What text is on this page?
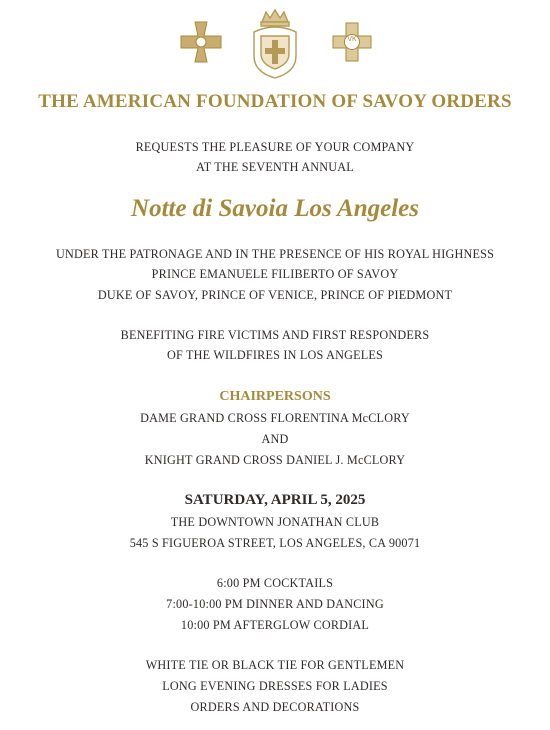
VK
THE AMERICAN FOUNDATION OF SAVOY ORDERS
REQUESTS THE PLEASURE OF YOUR COMPANY
AT THE SEVENTH ANNUAL
Notte di Savoia Los Angeles
UNDER THE PATRONAGE AND IN THE PRESENCE OF HIS ROYAL HIGHNESS
PRINCE EMANUELE FILIBERTO OF SAVOY
DUKE OF SAVOY, PRINCE OF VENICE, PRINCE OF PIEDMONT
BENEFITING FIRE VICTIMS AND FIRST RESPONDERS
OF THE WILDFIRES IN LOS ANGELES
CHAIRPERSONS
DAME GRAND CROSS FLORENTINA McCLORY
AND
KNIGHT GRAND CROSS DANIEL J. McCLORY
SATURDAY, APRIL 5, 2025
THE DOWNTOWN JONATHAN CLUB
545 S FIGUEROA STREET, LOS ANGELES, CA 90071
6:00 PM COCKTAILS
7:00-10:00 PM DINNER AND DANCING
10:00 PM AFTERGLOW CORDIAL
WHITE TIE OR BLACK TIE FOR GENTLEMEN
LONG EVENING DRESSES FOR LADIES
ORDERS AND DECORATIONS
